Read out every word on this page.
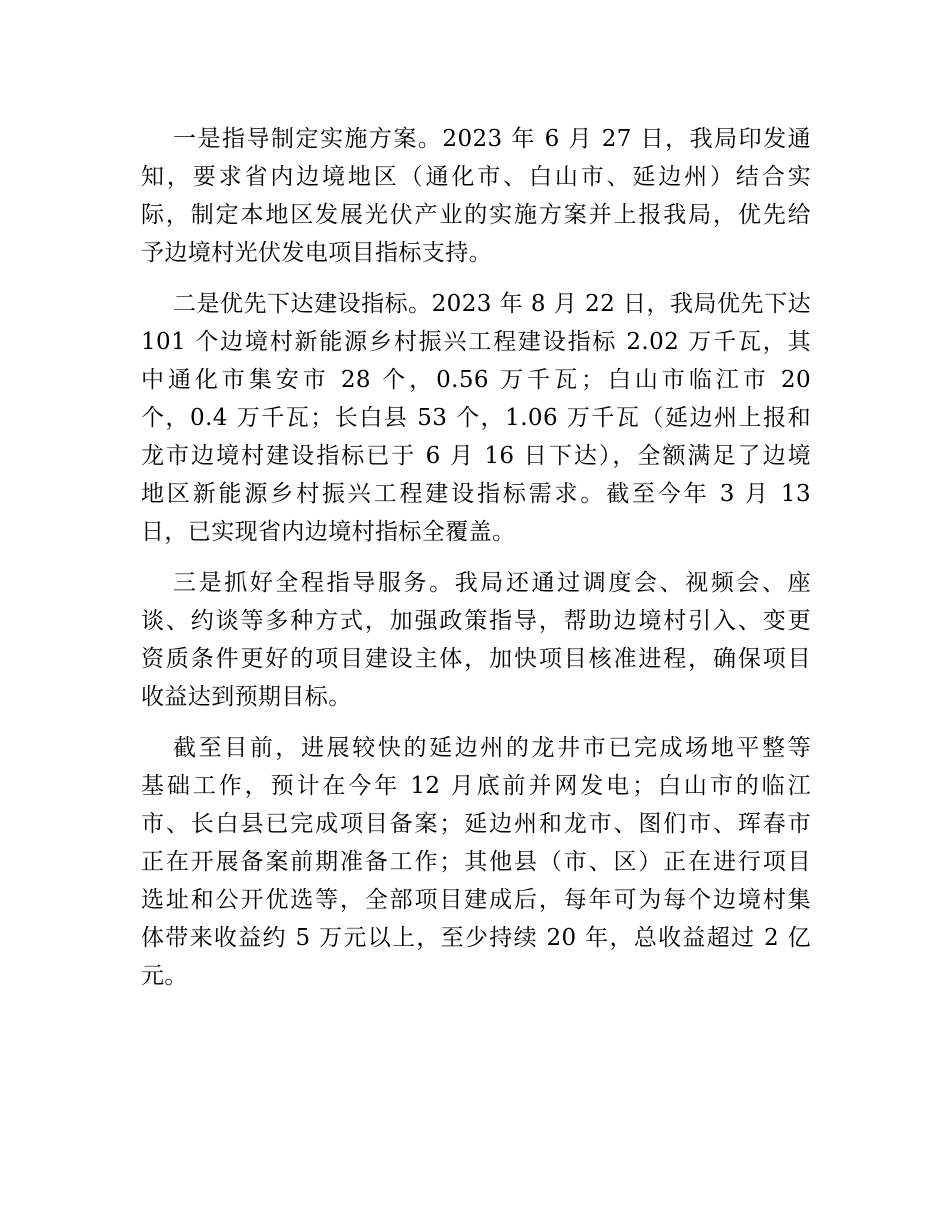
一是指导制定实施方案。2023 年 6 月 27 日，我局印发通
知，要求省内边境地区（通化市、白山市、延边州）结合实
际，制定本地区发展光伏产业的实施方案并上报我局，优先给
予边境村光伏发电项目指标支持。
二是优先下达建设指标。2023 年 8 月 22 日，我局优先下达
101 个边境村新能源乡村振兴工程建设指标 2.02 万千瓦，其
中通化市集安市 28 个，0.56 万千瓦；白山市临江市 20
个，0.4 万千瓦；长白县 53 个，1.06 万千瓦（延边州上报和
龙市边境村建设指标已于 6 月 16 日下达），全额满足了边境
地区新能源乡村振兴工程建设指标需求。截至今年 3 月 13
日，已实现省内边境村指标全覆盖。
三是抓好全程指导服务。我局还通过调度会、视频会、座
谈、约谈等多种方式，加强政策指导，帮助边境村引入、变更
资质条件更好的项目建设主体，加快项目核准进程，确保项目
收益达到预期目标。
截至目前，进展较快的延边州的龙井市已完成场地平整等
基础工作，预计在今年 12 月底前并网发电；白山市的临江
市、长白县已完成项目备案；延边州和龙市、图们市、珲春市
正在开展备案前期准备工作；其他县（市、区）正在进行项目
选址和公开优选等，全部项目建成后，每年可为每个边境村集
体带来收益约 5 万元以上，至少持续 20 年，总收益超过 2 亿
元。
